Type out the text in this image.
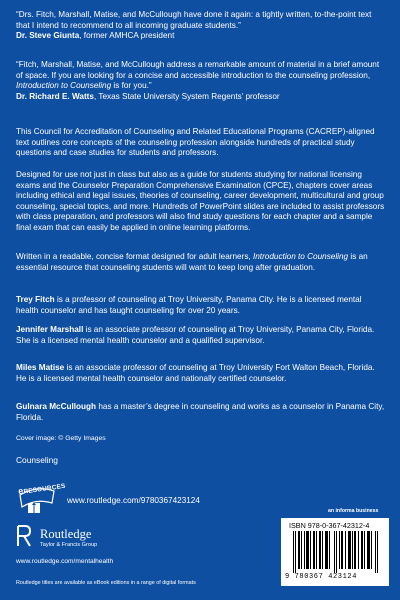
“Drs. Fitch, Marshall, Matise, and McCullough have done it again: a tightly written, to-the-point text that I intend to recommend to all incoming graduate students.”
Dr. Steve Giunta, former AMHCA president

“Fitch, Marshall, Matise, and McCullough address a remarkable amount of material in a brief amount of space. If you are looking for a concise and accessible introduction to the counseling profession, Introduction to Counseling is for you.”
Dr. Richard E. Watts, Texas State University System Regents’ professor

This Council for Accreditation of Counseling and Related Educational Programs (CACREP)-aligned text outlines core concepts of the counseling profession alongside hundreds of practical study questions and case studies for students and professors.

Designed for use not just in class but also as a guide for students studying for national licensing exams and the Counselor Preparation Comprehensive Examination (CPCE), chapters cover areas including ethical and legal issues, theories of counseling, career development, multicultural and group counseling, special topics, and more. Hundreds of PowerPoint slides are included to assist professors with class preparation, and professors will also find study questions for each chapter and a sample final exam that can easily be applied in online learning platforms.

Written in a readable, concise format designed for adult learners, Introduction to Counseling is an essential resource that counseling students will want to keep long after graduation.

Trey Fitch is a professor of counseling at Troy University, Panama City. He is a licensed mental health counselor and has taught counseling for over 20 years.

Jennifer Marshall is an associate professor of counseling at Troy University, Panama City, Florida. She is a licensed mental health counselor and a qualified supervisor.

Miles Matise is an associate professor of counseling at Troy University Fort Walton Beach, Florida. He is a licensed mental health counselor and nationally certified counselor.

Gulnara McCullough has a master’s degree in counseling and works as a counselor in Panama City, Florida.

Cover image: © Getty Images
Counseling
eRESOURCES
www.routledge.com/9780367423124
Routledge
Taylor & Francis Group
www.routledge.com/mentalhealth
Routledge titles are available as eBook editions in a range of digital formats
an informa business
ISBN 978-0-367-42312-4
9 780367 423124
